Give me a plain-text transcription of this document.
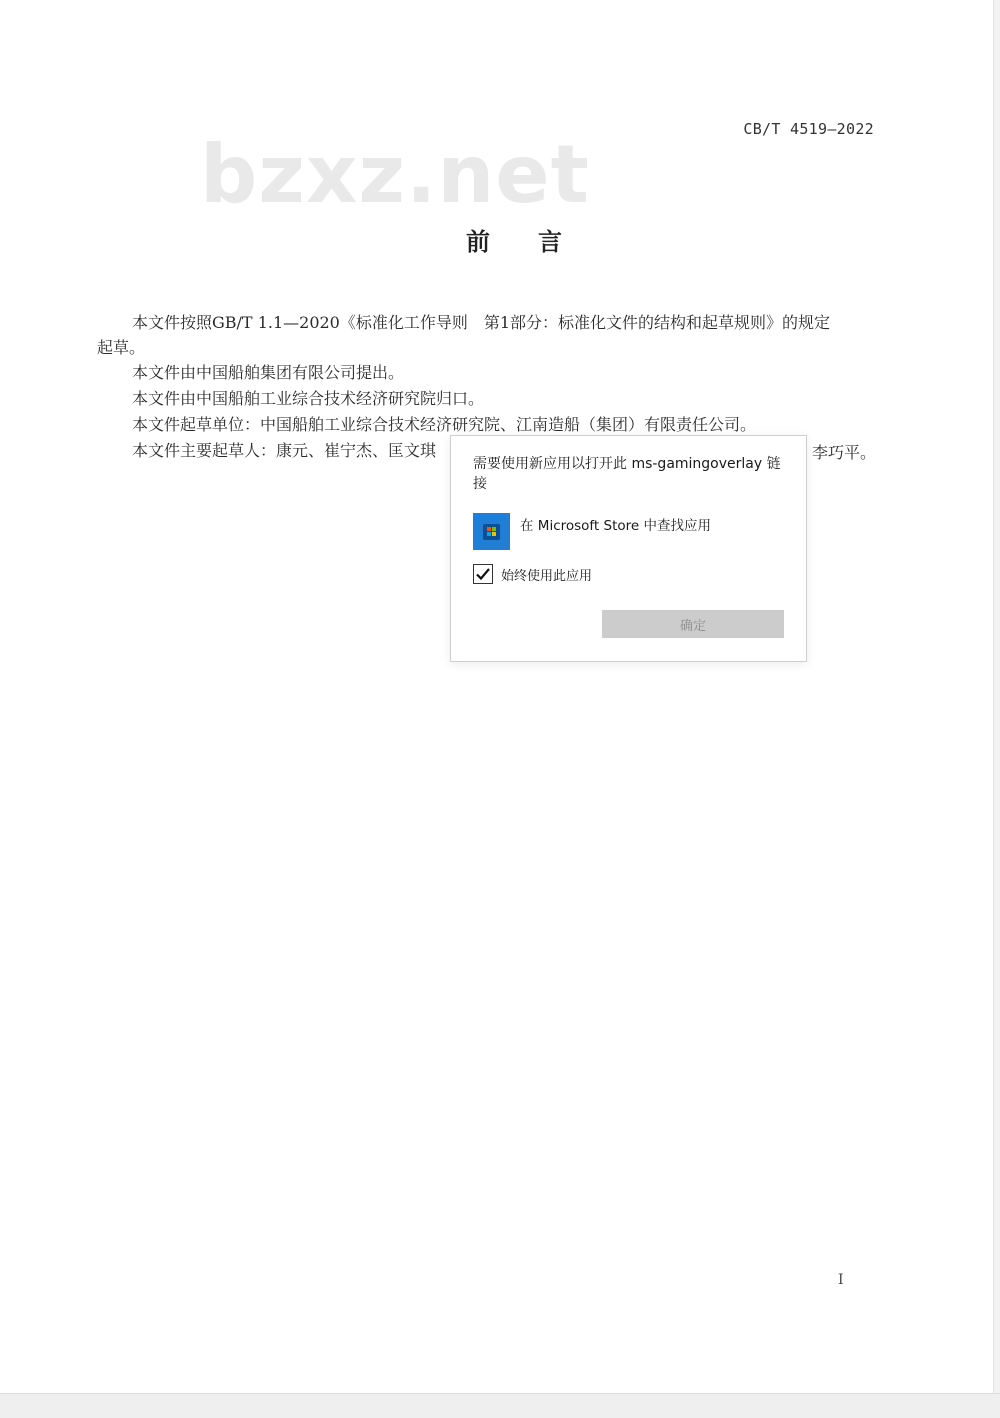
bzxz.net	CB/T 4519—2022
前言
本文件按照GB/T 1.1—2020《标准化工作导则　第1部分：标准化文件的结构和起草规则》的规定
起草。
本文件由中国船舶集团有限公司提出。
本文件由中国船舶工业综合技术经济研究院归口。
本文件起草单位：中国船舶工业综合技术经济研究院、江南造船（集团）有限责任公司。
本文件主要起草人：康元、崔宁杰、匡文琪	李巧平。
I
需要使用新应用以打开此 ms-gamingoverlay 链接
在 Microsoft Store 中查找应用
始终使用此应用
确定
